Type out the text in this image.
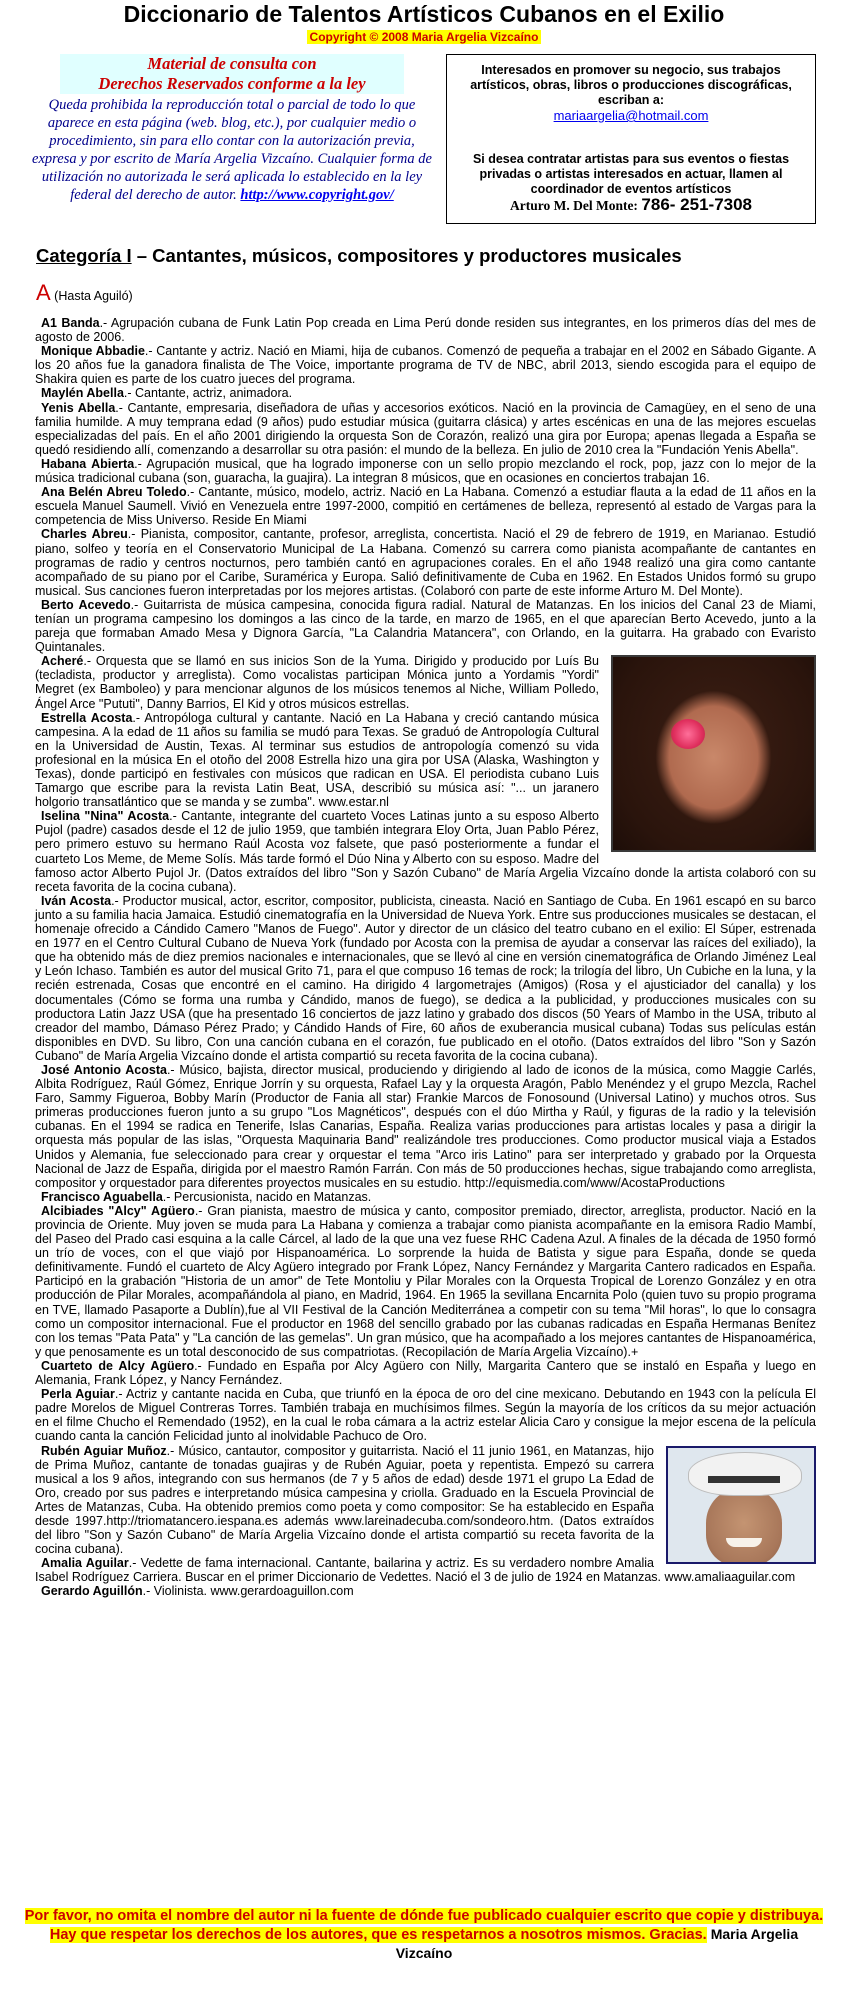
Diccionario de Talentos Artísticos Cubanos en el Exilio
Copyright © 2008 Maria Argelia Vizcaíno
Material de consulta con
Derechos Reservados conforme a la ley
Queda prohibida la reproducción total o parcial de todo lo que aparece en esta página (web. blog, etc.), por cualquier medio o procedimiento, sin para ello contar con la autorización previa, expresa y por escrito de María Argelia Vizcaíno. Cualquier forma de utilización no autorizada le será aplicada lo establecido en la ley federal del derecho de autor. http://www.copyright.gov/
Interesados en promover su negocio, sus trabajos artísticos, obras, libros o producciones discográficas, escriban a:
mariaargelia@hotmail.com
Si desea contratar artistas para sus eventos o fiestas privadas o artistas interesados en actuar, llamen al coordinador de eventos artísticos
Arturo M. Del Monte: 786- 251-7308
Categoría I – Cantantes, músicos, compositores y productores musicales
A (Hasta Aguiló)

A1 Banda.- Agrupación cubana de Funk Latin Pop creada en Lima Perú donde residen sus integrantes, en los primeros días del mes de agosto de 2006.

Monique Abbadie.- Cantante y actriz. Nació en Miami, hija de cubanos. Comenzó de pequeña a trabajar en el 2002 en Sábado Gigante. A los 20 años fue la ganadora finalista de The Voice, importante programa de TV de NBC, abril 2013, siendo escogida para el equipo de Shakira quien es parte de los cuatro jueces del programa.

Maylén Abella.- Cantante, actriz, animadora.

Yenis Abella.- Cantante, empresaria, diseñadora de uñas y accesorios exóticos. Nació en la provincia de Camagüey, en el seno de una familia humilde. A muy temprana edad (9 años) pudo estudiar música (guitarra clásica) y artes escénicas en una de las mejores escuelas especializadas del país. En el año 2001 dirigiendo la orquesta Son de Corazón, realizó una gira por Europa; apenas llegada a España se quedó residiendo allí, comenzando a desarrollar su otra pasión: el mundo de la belleza. En julio de 2010 crea la "Fundación Yenis Abella".

Habana Abierta.- Agrupación musical, que ha logrado imponerse con un sello propio mezclando el rock, pop, jazz con lo mejor de la música tradicional cubana (son, guaracha, la guajira). La integran 8 músicos, que en ocasiones en conciertos trabajan 16.

Ana Belén Abreu Toledo.- Cantante, músico, modelo, actriz. Nació en La Habana. Comenzó a estudiar flauta a la edad de 11 años en la escuela Manuel Saumell. Vivió en Venezuela entre 1997-2000, compitió en certámenes de belleza, representó al estado de Vargas para la competencia de Miss Universo. Reside En Miami

Charles Abreu.- Pianista, compositor, cantante, profesor, arreglista, concertista. Nació el 29 de febrero de 1919, en Marianao. Estudió piano, solfeo y teoría en el Conservatorio Municipal de La Habana. Comenzó su carrera como pianista acompañante de cantantes en programas de radio y centros nocturnos, pero también cantó en agrupaciones corales. En el año 1948 realizó una gira como cantante acompañado de su piano por el Caribe, Suramérica y Europa. Salió definitivamente de Cuba en 1962. En Estados Unidos formó su grupo musical. Sus canciones fueron interpretadas por los mejores artistas. (Colaboró con parte de este informe Arturo M. Del Monte).

Berto Acevedo.- Guitarrista de música campesina, conocida figura radial. Natural de Matanzas. En los inicios del Canal 23 de Miami, tenían un programa campesino los domingos a las cinco de la tarde, en marzo de 1965, en el que aparecían Berto Acevedo, junto a la pareja que formaban Amado Mesa y Dignora García, "La Calandria Matancera", con Orlando, en la guitarra. Ha grabado con Evaristo Quintanales.

Acheré.- Orquesta que se llamó en sus inicios Son de la Yuma. Dirigido y producido por Luís Bu (tecladista, productor y arreglista). Como vocalistas participan Mónica junto a Yordamis "Yordi" Megret (ex Bamboleo) y para mencionar algunos de los músicos tenemos al Niche, William Polledo, Ángel Arce "Pututi", Danny Barrios, El Kid y otros músicos estrellas.

Estrella Acosta.- Antropóloga cultural y cantante. Nació en La Habana y creció cantando música campesina. A la edad de 11 años su familia se mudó para Texas. Se graduó de Antropología Cultural en la Universidad de Austin, Texas. Al terminar sus estudios de antropología comenzó su vida profesional en la música En el otoño del 2008 Estrella hizo una gira por USA (Alaska, Washington y Texas), donde participó en festivales con músicos que radican en USA. El periodista cubano Luis Tamargo que escribe para la revista Latin Beat, USA, describió su música así: "... un jaranero holgorio transatlántico que se manda y se zumba". www.estar.nl

Iselina "Nina" Acosta.- Cantante, integrante del cuarteto Voces Latinas junto a su esposo Alberto Pujol (padre) casados desde el 12 de julio 1959, que también integrara Eloy Orta, Juan Pablo Pérez, pero primero estuvo su hermano Raúl Acosta voz falsete, que pasó posteriormente a fundar el cuarteto Los Meme, de Meme Solís. Más tarde formó el Dúo Nina y Alberto con su esposo. Madre del famoso actor Alberto Pujol Jr. (Datos extraídos del libro "Son y Sazón Cubano" de María Argelia Vizcaíno donde la artista colaboró con su receta favorita de la cocina cubana).

Iván Acosta.- Productor musical, actor, escritor, compositor, publicista, cineasta. Nació en Santiago de Cuba. En 1961 escapó en su barco junto a su familia hacia Jamaica. Estudió cinematografía en la Universidad de Nueva York. Entre sus producciones musicales se destacan, el homenaje ofrecido a Cándido Camero "Manos de Fuego". Autor y director de un clásico del teatro cubano en el exilio: El Súper, estrenada en 1977 en el Centro Cultural Cubano de Nueva York (fundado por Acosta con la premisa de ayudar a conservar las raíces del exiliado), la que ha obtenido más de diez premios nacionales e internacionales, que se llevó al cine en versión cinematográfica de Orlando Jiménez Leal y León Ichaso. También es autor del musical Grito 71, para el que compuso 16 temas de rock; la trilogía del libro, Un Cubiche en la luna, y la recién estrenada, Cosas que encontré en el camino. Ha dirigido 4 largometrajes (Amigos) (Rosa y el ajusticiador del canalla) y los documentales (Cómo se forma una rumba y Cándido, manos de fuego), se dedica a la publicidad, y producciones musicales con su productora Latin Jazz USA (que ha presentado 16 conciertos de jazz latino y grabado dos discos (50 Years of Mambo in the USA, tributo al creador del mambo, Dámaso Pérez Prado; y Cándido Hands of Fire, 60 años de exuberancia musical cubana) Todas sus películas están disponibles en DVD. Su libro, Con una canción cubana en el corazón, fue publicado en el otoño. (Datos extraídos del libro "Son y Sazón Cubano" de María Argelia Vizcaíno donde el artista compartió su receta favorita de la cocina cubana).

José Antonio Acosta.- Músico, bajista, director musical, produciendo y dirigiendo al lado de iconos de la música, como Maggie Carlés, Albita Rodríguez, Raúl Gómez, Enrique Jorrín y su orquesta, Rafael Lay y la orquesta Aragón, Pablo Menéndez y el grupo Mezcla, Rachel Faro, Sammy Figueroa, Bobby Marín (Productor de Fania all star) Frankie Marcos de Fonosound (Universal Latino) y muchos otros. Sus primeras producciones fueron junto a su grupo "Los Magnéticos", después con el dúo Mirtha y Raúl, y figuras de la radio y la televisión cubanas. En el 1994 se radica en Tenerife, Islas Canarias, España. Realiza varias producciones para artistas locales y pasa a dirigir la orquesta más popular de las islas, "Orquesta Maquinaria Band" realizándole tres producciones. Como productor musical viaja a Estados Unidos y Alemania, fue seleccionado para crear y orquestar el tema "Arco iris Latino" para ser interpretado y grabado por la Orquesta Nacional de Jazz de España, dirigida por el maestro Ramón Farrán. Con más de 50 producciones hechas, sigue trabajando como arreglista, compositor y orquestador para diferentes proyectos musicales en su estudio. http://equismedia.com/www/AcostaProductions

Francisco Aguabella.- Percusionista, nacido en Matanzas.

Alcibiades "Alcy" Agüero.- Gran pianista, maestro de música y canto, compositor premiado, director, arreglista, productor. Nació en la provincia de Oriente. Muy joven se muda para La Habana y comienza a trabajar como pianista acompañante en la emisora Radio Mambí, del Paseo del Prado casi esquina a la calle Cárcel, al lado de la que una vez fuese RHC Cadena Azul. A finales de la década de 1950 formó un trío de voces, con el que viajó por Hispanoamérica. Lo sorprende la huida de Batista y sigue para España, donde se queda definitivamente. Fundó el cuarteto de Alcy Agüero integrado por Frank López, Nancy Fernández y Margarita Cantero radicados en España. Participó en la grabación "Historia de un amor" de Tete Montoliu y Pilar Morales con la Orquesta Tropical de Lorenzo González y en otra producción de Pilar Morales, acompañándola al piano, en Madrid, 1964. En 1965 la sevillana Encarnita Polo (quien tuvo su propio programa en TVE, llamado Pasaporte a Dublín),fue al VII Festival de la Canción Mediterránea a competir con su tema "Mil horas", lo que lo consagra como un compositor internacional. Fue el productor en 1968 del sencillo grabado por las cubanas radicadas en España Hermanas Benítez con los temas "Pata Pata" y "La canción de las gemelas". Un gran músico, que ha acompañado a los mejores cantantes de Hispanoamérica, y que penosamente es un total desconocido de sus compatriotas. (Recopilación de María Argelia Vizcaíno).+

Cuarteto de Alcy Agüero.- Fundado en España por Alcy Agüero con Nilly, Margarita Cantero que se instaló en España y luego en Alemania, Frank López, y Nancy Fernández.

Perla Aguiar.- Actriz y cantante nacida en Cuba, que triunfó en la época de oro del cine mexicano. Debutando en 1943 con la película El padre Morelos de Miguel Contreras Torres. También trabaja en muchísimos filmes. Según la mayoría de los críticos da su mejor actuación en el filme Chucho el Remendado (1952), en la cual le roba cámara a la actriz estelar Alicia Caro y consigue la mejor escena de la película cuando canta la canción Felicidad junto al inolvidable Pachuco de Oro.

Rubén Aguiar Muñoz.- Músico, cantautor, compositor y guitarrista. Nació el 11 junio 1961, en Matanzas, hijo de Prima Muñoz, cantante de tonadas guajiras y de Rubén Aguiar, poeta y repentista. Empezó su carrera musical a los 9 años, integrando con sus hermanos (de 7 y 5 años de edad) desde 1971 el grupo La Edad de Oro, creado por sus padres e interpretando música campesina y criolla. Graduado en la Escuela Provincial de Artes de Matanzas, Cuba. Ha obtenido premios como poeta y como compositor: Se ha establecido en España desde 1997.http://triomatancero.iespana.es además www.lareinadecuba.com/sondeoro.htm. (Datos extraídos del libro "Son y Sazón Cubano" de María Argelia Vizcaíno donde el artista compartió su receta favorita de la cocina cubana).

Amalia Aguilar.- Vedette de fama internacional. Cantante, bailarina y actriz. Es su verdadero nombre Amalia Isabel Rodríguez Carriera. Buscar en el primer Diccionario de Vedettes. Nació el 3 de julio de 1924 en Matanzas. www.amaliaaguilar.com

Gerardo Aguillón.- Violinista. www.gerardoaguillon.com

Por favor, no omita el nombre del autor ni la fuente de dónde fue publicado cualquier escrito que copie y distribuya. Hay que respetar los derechos de los autores, que es respetarnos a nosotros mismos. Gracias. Maria Argelia Vizcaíno
